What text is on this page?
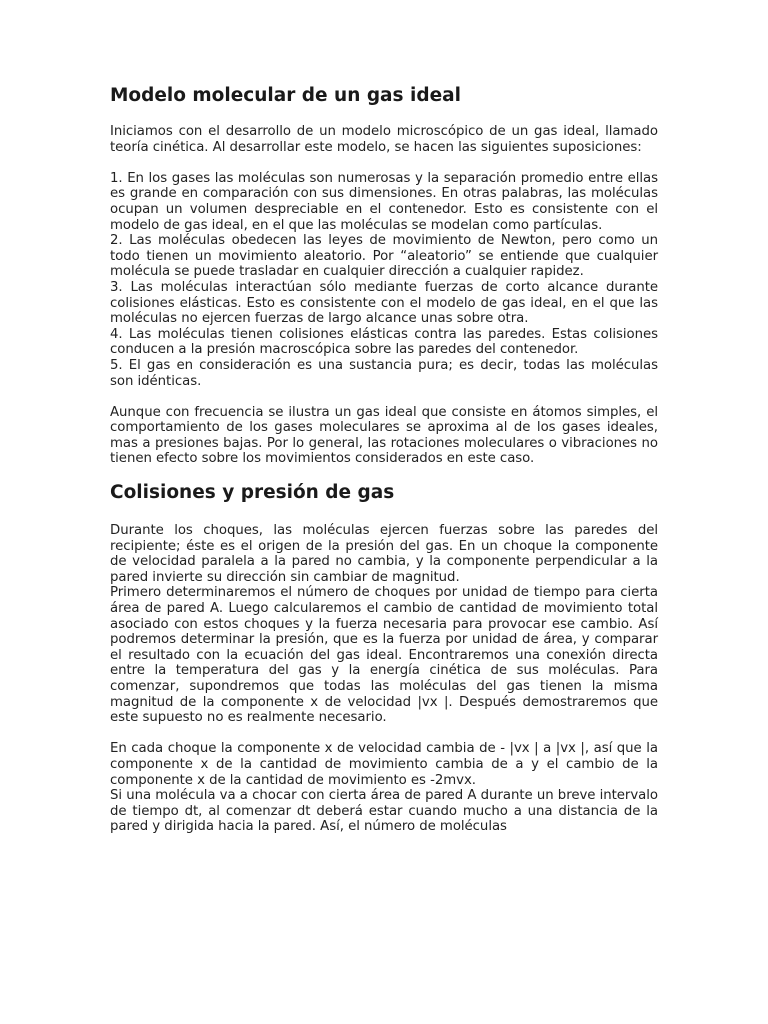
Modelo molecular de un gas ideal

Iniciamos con el desarrollo de un modelo microscópico de un gas ideal, llamado teoría cinética. Al desarrollar este modelo, se hacen las siguientes suposiciones:

1. En los gases las moléculas son numerosas y la separación promedio entre ellas es grande en comparación con sus dimensiones. En otras palabras, las moléculas ocupan un volumen despreciable en el contenedor. Esto es consistente con el modelo de gas ideal, en el que las moléculas se modelan como partículas.

2. Las moléculas obedecen las leyes de movimiento de Newton, pero como un todo tienen un movimiento aleatorio. Por “aleatorio” se entiende que cualquier molécula se puede trasladar en cualquier dirección a cualquier rapidez.

3. Las moléculas interactúan sólo mediante fuerzas de corto alcance durante colisiones elásticas. Esto es consistente con el modelo de gas ideal, en el que las moléculas no ejercen fuerzas de largo alcance unas sobre otra.

4. Las moléculas tienen colisiones elásticas contra las paredes. Estas colisiones conducen a la presión macroscópica sobre las paredes del contenedor.

5. El gas en consideración es una sustancia pura; es decir, todas las moléculas son idénticas.

Aunque con frecuencia se ilustra un gas ideal que consiste en átomos simples, el comportamiento de los gases moleculares se aproxima al de los gases ideales, mas a presiones bajas. Por lo general, las rotaciones moleculares o vibraciones no tienen efecto sobre los movimientos considerados en este caso.

Colisiones y presión de gas

Durante los choques, las moléculas ejercen fuerzas sobre las paredes del recipiente; éste es el origen de la presión del gas. En un choque la componente de velocidad paralela a la pared no cambia, y la componente perpendicular a la pared invierte su dirección sin cambiar de magnitud.

Primero determinaremos el número de choques por unidad de tiempo para cierta área de pared A. Luego calcularemos el cambio de cantidad de movimiento total asociado con estos choques y la fuerza necesaria para provocar ese cambio. Así podremos determinar la presión, que es la fuerza por unidad de área, y comparar el resultado con la ecuación del gas ideal. Encontraremos una conexión directa entre la temperatura del gas y la energía cinética de sus moléculas. Para comenzar, supondremos que todas las moléculas del gas tienen la misma magnitud de la componente x de velocidad |vx |. Después demostraremos que este supuesto no es realmente necesario.

En cada choque la componente x de velocidad cambia de - |vx | a |vx |, así que la componente x de la cantidad de movimiento cambia de a y el cambio de la componente x de la cantidad de movimiento es -2mvx.

Si una molécula va a chocar con cierta área de pared A durante un breve intervalo de tiempo dt, al comenzar dt deberá estar cuando mucho a una distancia de la pared y dirigida hacia la pared. Así, el número de moléculas
